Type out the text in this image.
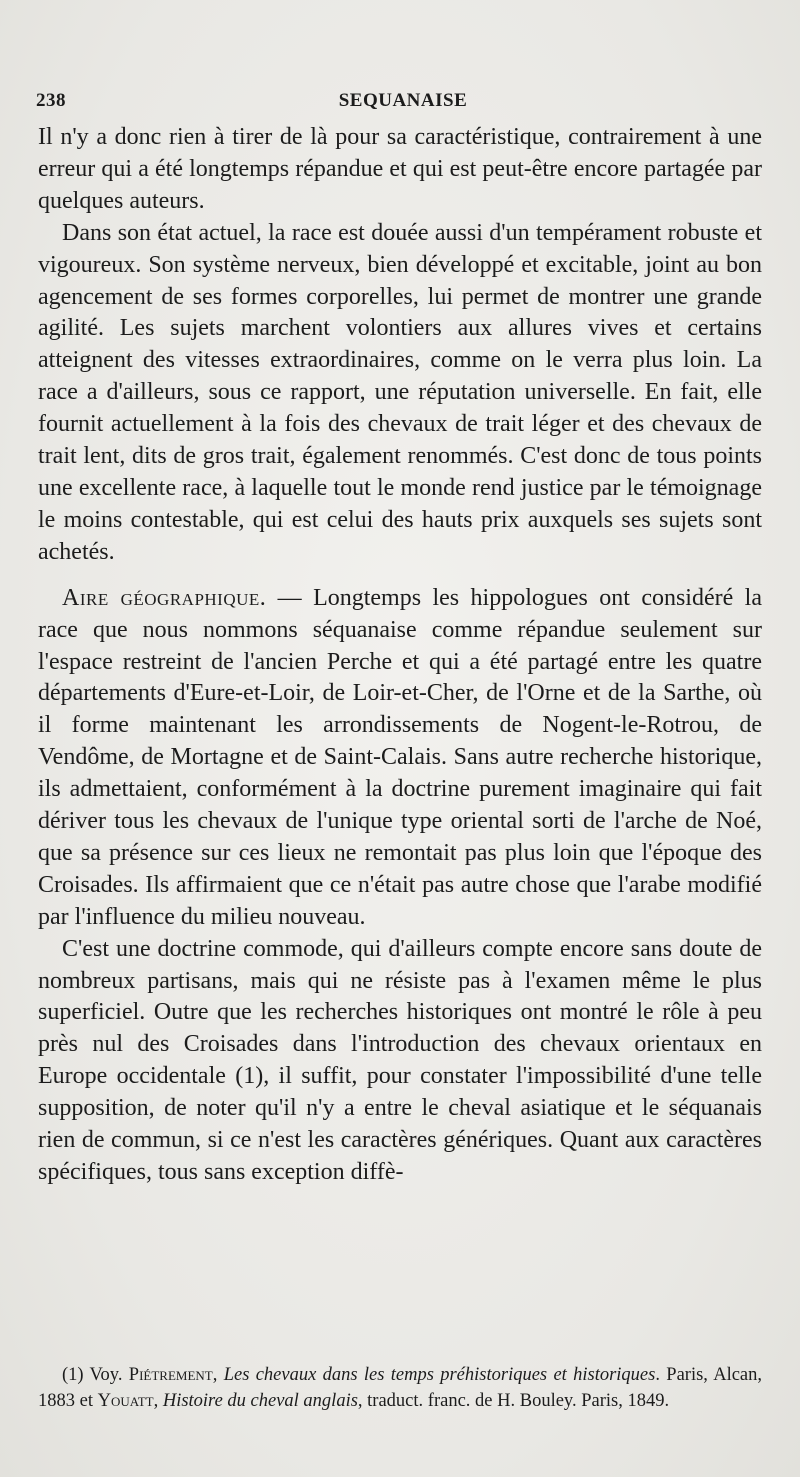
238	SEQUANAISE

Il n'y a donc rien à tirer de là pour sa caractéristique, contrairement à une erreur qui a été longtemps répandue et qui est peut-être encore partagée par quelques auteurs.

Dans son état actuel, la race est douée aussi d'un tempérament robuste et vigoureux. Son système nerveux, bien développé et excitable, joint au bon agencement de ses formes corporelles, lui permet de montrer une grande agilité. Les sujets marchent volontiers aux allures vives et certains atteignent des vitesses extraordinaires, comme on le verra plus loin. La race a d'ailleurs, sous ce rapport, une réputation universelle. En fait, elle fournit actuellement à la fois des chevaux de trait léger et des chevaux de trait lent, dits de gros trait, également renommés. C'est donc de tous points une excellente race, à laquelle tout le monde rend justice par le témoignage le moins contestable, qui est celui des hauts prix auxquels ses sujets sont achetés.

Aire géographique. — Longtemps les hippologues ont considéré la race que nous nommons séquanaise comme répandue seulement sur l'espace restreint de l'ancien Perche et qui a été partagé entre les quatre départements d'Eure-et-Loir, de Loir-et-Cher, de l'Orne et de la Sarthe, où il forme maintenant les arrondissements de Nogent-le-Rotrou, de Vendôme, de Mortagne et de Saint-Calais. Sans autre recherche historique, ils admettaient, conformément à la doctrine purement imaginaire qui fait dériver tous les chevaux de l'unique type oriental sorti de l'arche de Noé, que sa présence sur ces lieux ne remontait pas plus loin que l'époque des Croisades. Ils affirmaient que ce n'était pas autre chose que l'arabe modifié par l'influence du milieu nouveau.

C'est une doctrine commode, qui d'ailleurs compte encore sans doute de nombreux partisans, mais qui ne résiste pas à l'examen même le plus superficiel. Outre que les recherches historiques ont montré le rôle à peu près nul des Croisades dans l'introduction des chevaux orientaux en Europe occidentale (1), il suffit, pour constater l'impossibilité d'une telle supposition, de noter qu'il n'y a entre le cheval asiatique et le séquanais rien de commun, si ce n'est les caractères génériques. Quant aux caractères spécifiques, tous sans exception diffè-

(1) Voy. Piétrement, Les chevaux dans les temps préhistoriques et historiques. Paris, Alcan, 1883 et Youatt, Histoire du cheval anglais, traduct. franc. de H. Bouley. Paris, 1849.
